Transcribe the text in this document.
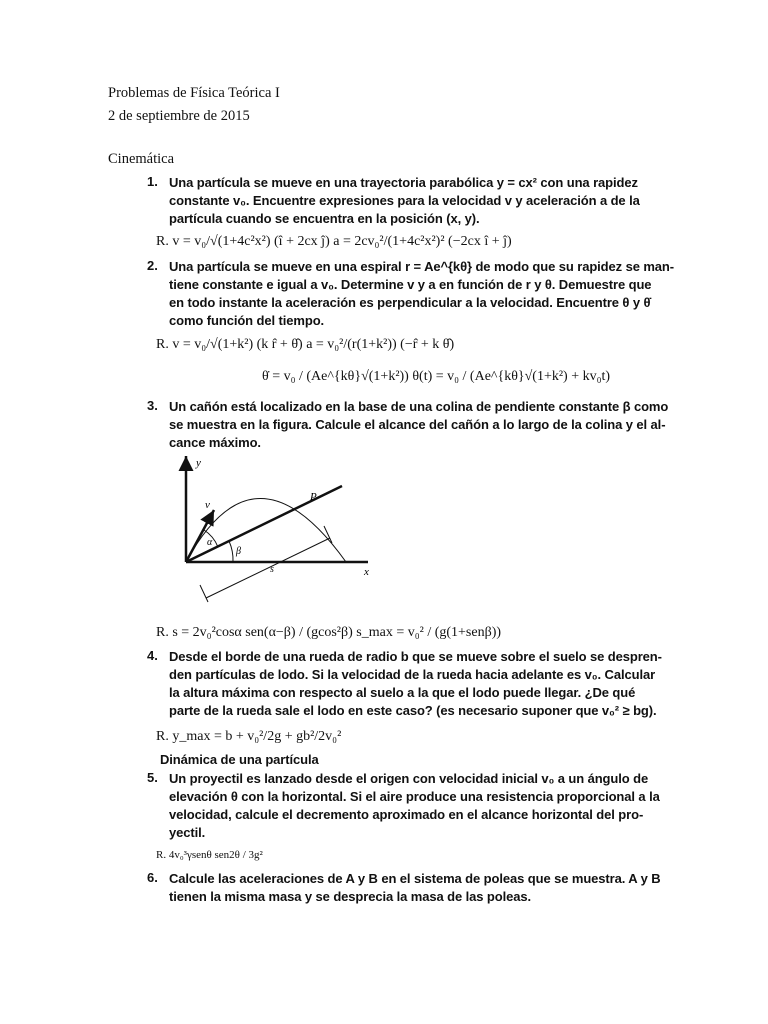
Problemas de Física Teórica I
2 de septiembre de 2015
Cinemática
1. Una partícula se mueve en una trayectoria parabólica y = cx² con una rapidez
constante v₀. Encuentre expresiones para la velocidad v y aceleración a de la
partícula cuando se encuentra en la posición (x, y).
R. v = v₀/√(1+4c²x²) (î + 2cx ĵ) a = 2cv₀²/(1+4c²x²)² (−2cx î + ĵ)
2. Una partícula se mueve en una espiral r = Ae^{kθ} de modo que su rapidez se man-
tiene constante e igual a v₀. Determine v y a en función de r y θ. Demuestre que
en todo instante la aceleración es perpendicular a la velocidad. Encuentre θ y θ̇
como función del tiempo.
R. v = v₀/√(1+k²) (k r̂ + θ̂) a = v₀²/(r(1+k²)) (−r̂ + k θ̂)
θ̇ = v₀ / (Ae^{kθ}√(1+k²)) θ(t) = v₀ / (Ae^{kθ}√(1+k²) + kv₀t)
3. Un cañón está localizado en la base de una colina de pendiente constante β como
se muestra en la figura. Calcule el alcance del cañón a lo largo de la colina y el al-
cance máximo.
y
x
v
α
β
P
s
R. s = 2v₀²cosα sen(α−β) / (gcos²β) s_max = v₀² / (g(1+senβ))
4. Desde el borde de una rueda de radio b que se mueve sobre el suelo se despren-
den partículas de lodo. Si la velocidad de la rueda hacia adelante es v₀. Calcular
la altura máxima con respecto al suelo a la que el lodo puede llegar. ¿De qué
parte de la rueda sale el lodo en este caso? (es necesario suponer que v₀² ≥ bg).
R. y_max = b + v₀²/2g + gb²/2v₀²
Dinámica de una partícula
5. Un proyectil es lanzado desde el origen con velocidad inicial v₀ a un ángulo de
elevación θ con la horizontal. Si el aire produce una resistencia proporcional a la
velocidad, calcule el decremento aproximado en el alcance horizontal del pro-
yectil.
R. 4v₀³γsenθ sen2θ / 3g²
6. Calcule las aceleraciones de A y B en el sistema de poleas que se muestra. A y B
tienen la misma masa y se desprecia la masa de las poleas.
